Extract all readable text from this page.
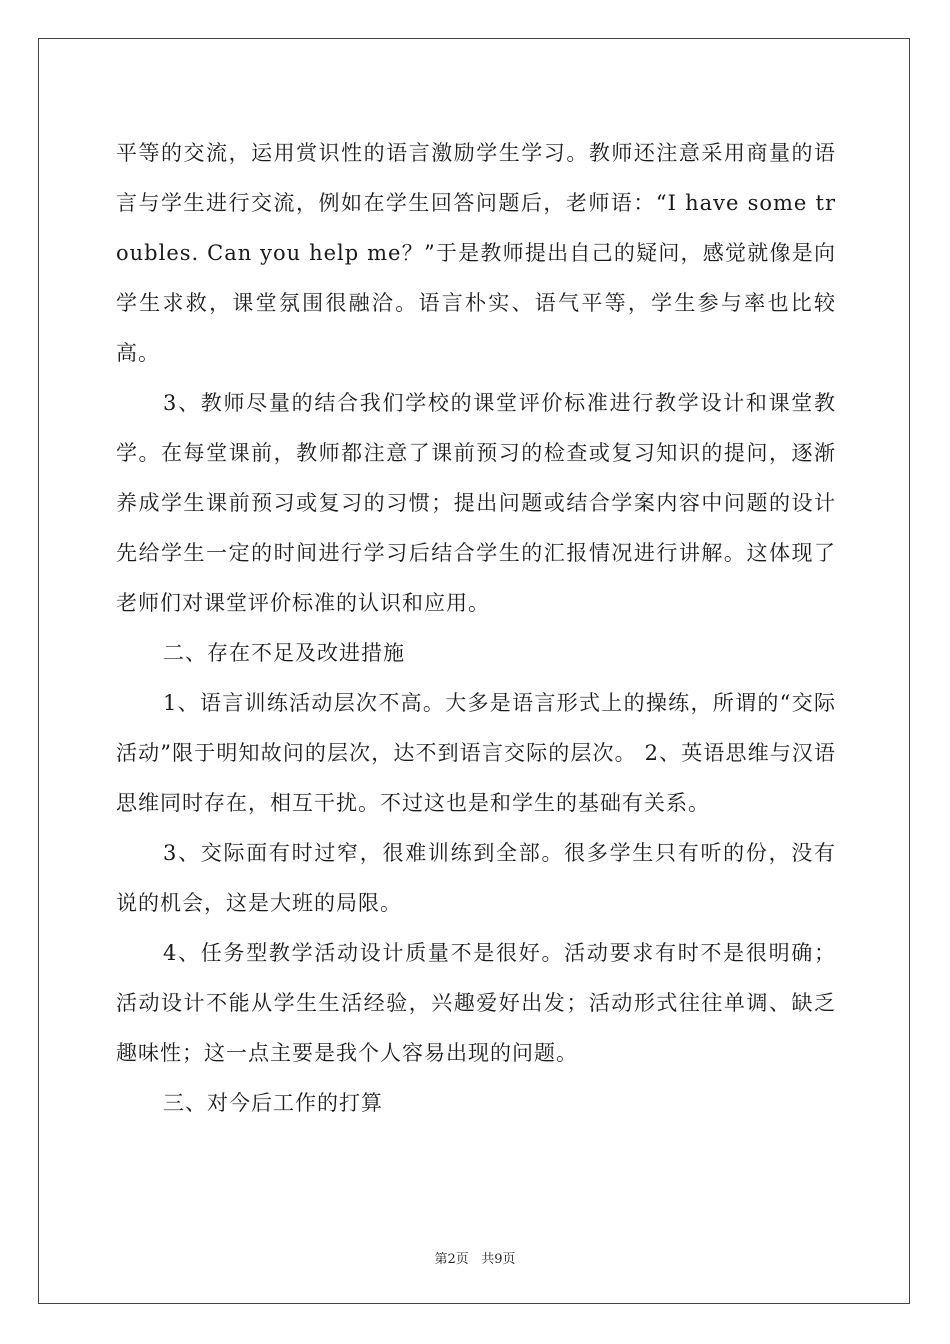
平等的交流，运用赏识性的语言激励学生学习。教师还注意采用商量的语言与学生进行交流，例如在学生回答问题后，老师语：“I have some troubles. Can you help me？”于是教师提出自己的疑问，感觉就像是向学生求救，课堂氛围很融洽。语言朴实、语气平等，学生参与率也比较高。

3、教师尽量的结合我们学校的课堂评价标准进行教学设计和课堂教学。在每堂课前，教师都注意了课前预习的检查或复习知识的提问，逐渐养成学生课前预习或复习的习惯；提出问题或结合学案内容中问题的设计先给学生一定的时间进行学习后结合学生的汇报情况进行讲解。这体现了老师们对课堂评价标准的认识和应用。

二、存在不足及改进措施

1、语言训练活动层次不高。大多是语言形式上的操练，所谓的“交际活动”限于明知故问的层次，达不到语言交际的层次。 2、英语思维与汉语思维同时存在，相互干扰。不过这也是和学生的基础有关系。

3、交际面有时过窄，很难训练到全部。很多学生只有听的份，没有说的机会，这是大班的局限。

4、任务型教学活动设计质量不是很好。活动要求有时不是很明确；活动设计不能从学生生活经验，兴趣爱好出发；活动形式往往单调、缺乏趣味性；这一点主要是我个人容易出现的问题。

三、对今后工作的打算

第2页 共9页
